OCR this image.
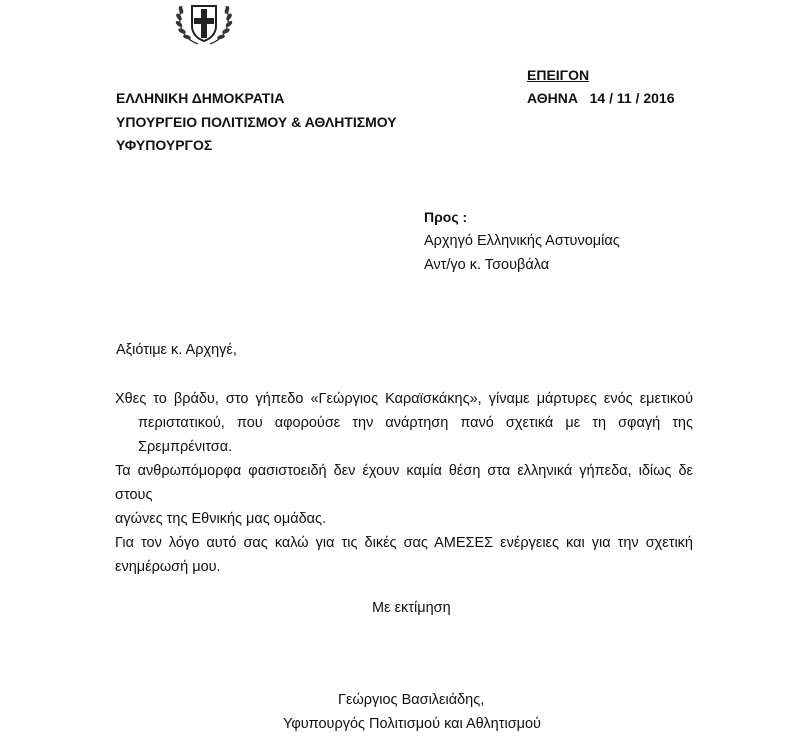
ΕΛΛΗΝΙΚΗ ΔΗΜΟΚΡΑΤΙΑ
ΥΠΟΥΡΓΕΙΟ ΠΟΛΙΤΙΣΜΟΥ & ΑΘΛΗΤΙΣΜΟΥ
ΥΦΥΠΟΥΡΓΟΣ
ΕΠΕΙΓΟΝ
ΑΘΗΝΑ   14 / 11 / 2016
Προς :
Αρχηγό Ελληνικής Αστυνομίας
Αντ/γο κ. Τσουβάλα
Αξιότιμε κ. Αρχηγέ,
Χθες το βράδυ, στο γήπεδο «Γεώργιος Καραϊσκάκης», γίναμε μάρτυρες ενός εμετικού
περιστατικού, που αφορούσε την ανάρτηση πανό σχετικά με τη σφαγή της Σρεμπρένιτσα.
Τα ανθρωπόμορφα φασιστοειδή δεν έχουν καμία θέση στα ελληνικά γήπεδα, ιδίως δε στους
αγώνες της Εθνικής μας ομάδας.
Για τον λόγο αυτό σας καλώ για τις δικές σας ΑΜΕΣΕΣ ενέργειες και για την σχετική
ενημέρωσή μου.
Με εκτίμηση
Γεώργιος Βασιλειάδης,
Υφυπουργός Πολιτισμού και Αθλητισμού
